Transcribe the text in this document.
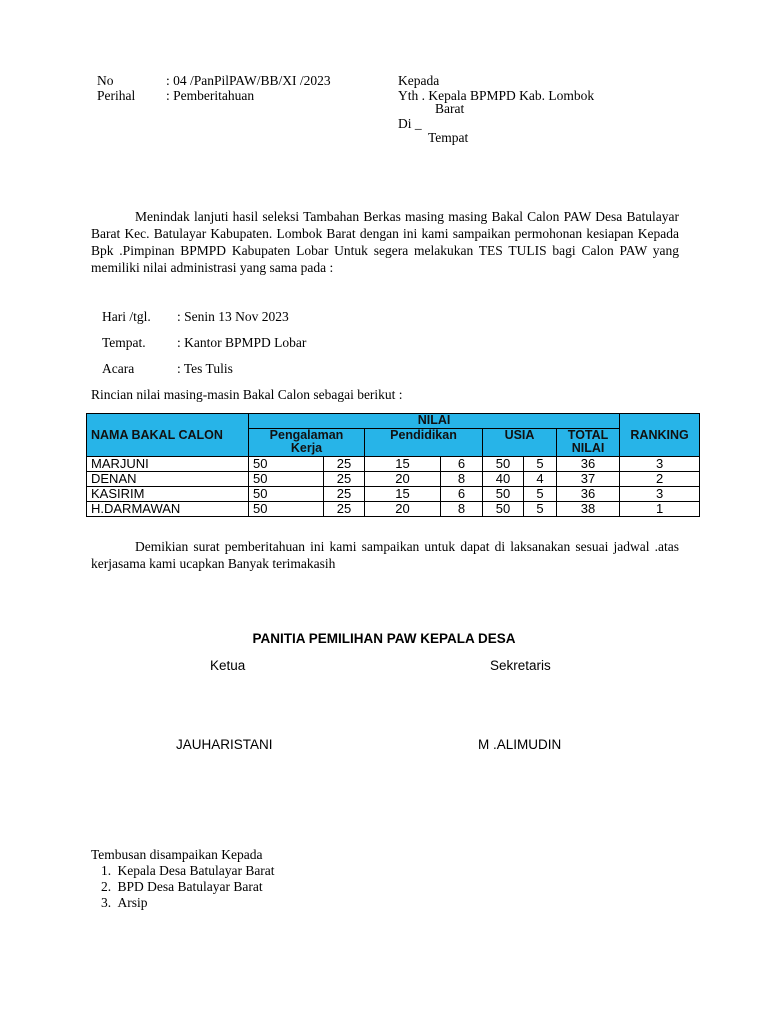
No	: 04 /PanPilPAW/BB/XI /2023
Perihal : Pemberitahuan
Kepada
Yth . Kepala BPMPD Kab. Lombok
Barat
Di _
Tempat
Menindak lanjuti hasil seleksi Tambahan Berkas masing masing Bakal Calon PAW Desa Batulayar Barat Kec. Batulayar Kabupaten. Lombok Barat dengan ini kami sampaikan permohonan kesiapan Kepada Bpk .Pimpinan BPMPD Kabupaten Lobar Untuk segera melakukan TES TULIS bagi Calon PAW yang memiliki nilai administrasi yang sama pada :
Hari /tgl. : Senin 13 Nov 2023
Tempat. : Kantor BPMPD Lobar
Acara	: Tes Tulis
Rincian nilai masing-masin Bakal Calon sebagai berikut :
NAMA BAKAL CALON	NILAI							RANKING
	Pengalaman Kerja		Pendidikan		USIA		TOTAL NILAI	
MARJUNI	50	25	15	6	50	5	36	3
DENAN	50	25	20	8	40	4	37	2
KASIRIM	50	25	15	6	50	5	36	3
H.DARMAWAN	50	25	20	8	50	5	38	1
Demikian surat pemberitahuan ini kami sampaikan untuk dapat di laksanakan sesuai jadwal .atas kerjasama kami ucapkan Banyak terimakasih
PANITIA PEMILIHAN PAW KEPALA DESA
Ketua	Sekretaris
JAUHARISTANI	M .ALIMUDIN
Tembusan disampaikan Kepada
1. Kepala Desa Batulayar Barat
2. BPD Desa Batulayar Barat
3. Arsip
